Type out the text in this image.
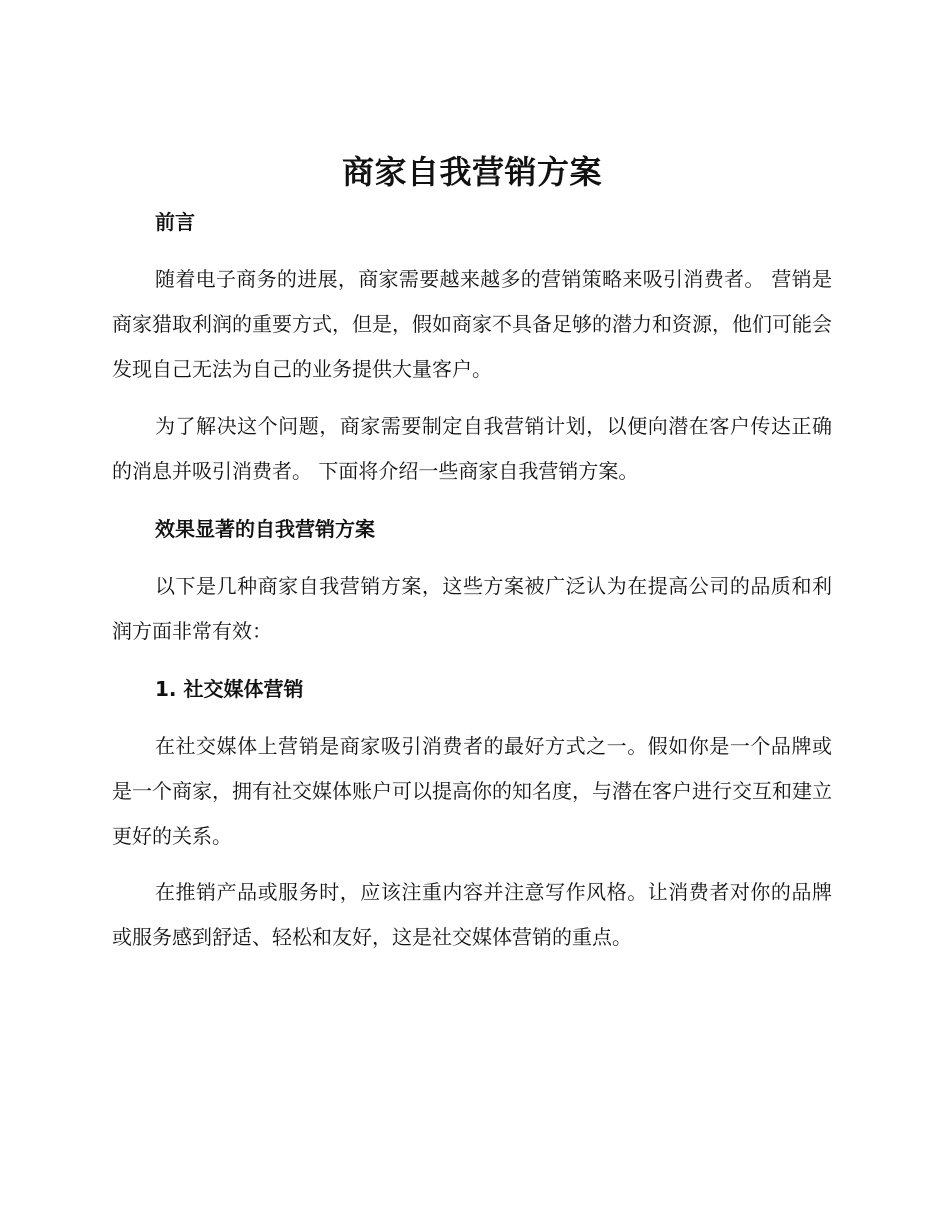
商家自我营销方案
前言

随着电子商务的进展，商家需要越来越多的营销策略来吸引消费者。 营销是商家猎取利润的重要方式，但是，假如商家不具备足够的潜力和资源，他们可能会发现自己无法为自己的业务提供大量客户。

为了解决这个问题，商家需要制定自我营销计划，以便向潜在客户传达正确的消息并吸引消费者。 下面将介绍一些商家自我营销方案。

效果显著的自我营销方案

以下是几种商家自我营销方案，这些方案被广泛认为在提高公司的品质和利润方面非常有效：

1. 社交媒体营销

在社交媒体上营销是商家吸引消费者的最好方式之一。假如你是一个品牌或是一个商家，拥有社交媒体账户可以提高你的知名度，与潜在客户进行交互和建立更好的关系。

在推销产品或服务时，应该注重内容并注意写作风格。让消费者对你的品牌或服务感到舒适、轻松和友好，这是社交媒体营销的重点。
